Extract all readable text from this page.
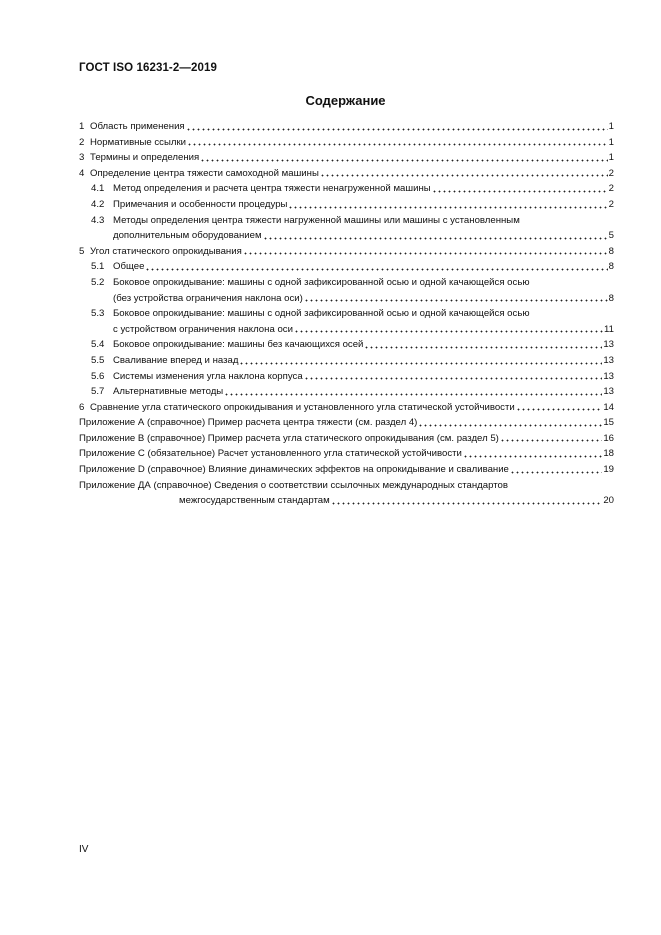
ГОСТ ISO 16231-2—2019
Содержание
1 Область применения	1
2 Нормативные ссылки	1
3 Термины и определения	1
4 Определение центра тяжести самоходной машины	2
4.1 Метод определения и расчета центра тяжести ненагруженной машины	2
4.2 Примечания и особенности процедуры	2
4.3 Методы определения центра тяжести нагруженной машины или машины с установленным
дополнительным оборудованием	5
5 Угол статического опрокидывания	8
5.1 Общее	8
5.2 Боковое опрокидывание: машины с одной зафиксированной осью и одной качающейся осью
(без устройства ограничения наклона оси)	8
5.3 Боковое опрокидывание: машины с одной зафиксированной осью и одной качающейся осью
с устройством ограничения наклона оси	11
5.4 Боковое опрокидывание: машины без качающихся осей	13
5.5 Сваливание вперед и назад	13
5.6 Системы изменения угла наклона корпуса	13
5.7 Альтернативные методы	13
6 Сравнение угла статического опрокидывания и установленного угла статической устойчивости	14
Приложение А (справочное) Пример расчета центра тяжести (см. раздел 4)	15
Приложение В (справочное) Пример расчета угла статического опрокидывания (см. раздел 5)	16
Приложение С (обязательное) Расчет установленного угла статической устойчивости	18
Приложение D (справочное) Влияние динамических эффектов на опрокидывание и сваливание	19
Приложение ДА (справочное) Сведения о соответствии ссылочных международных стандартов
межгосударственным стандартам	20
IV
